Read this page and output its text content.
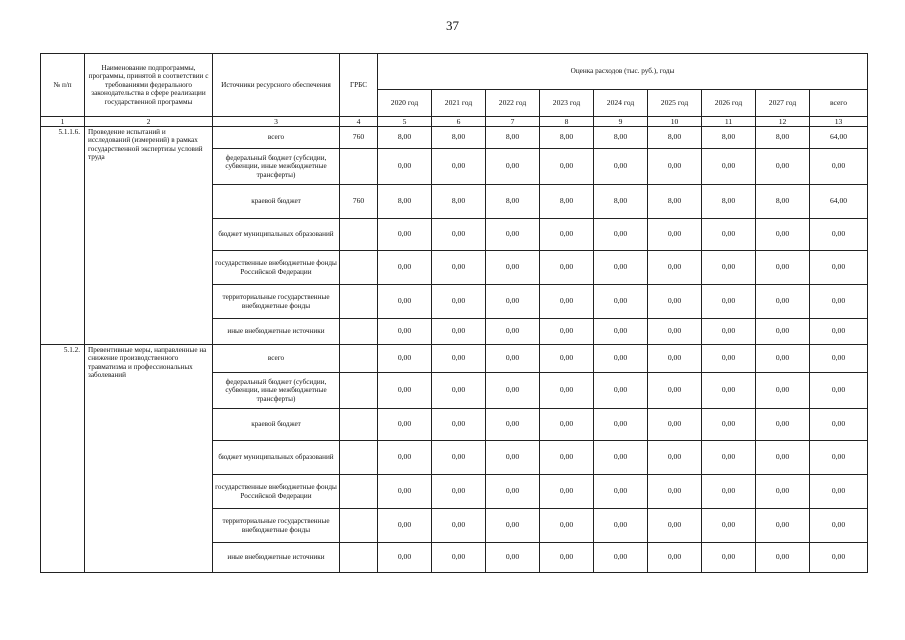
37
№ п/п	Наименование подпрограммы, программы, принятой в соответствии с требованиями федерального законодательства в сфере реализации государственной программы	Источники ресурсного обеспечения	ГРБС	Оценка расходов (тыс. руб.), годы								
				2020 год	2021 год	2022 год	2023 год	2024 год	2025 год	2026 год	2027 год	всего
1	2	3	4	5	6	7	8	9	10	11	12	13
5.1.1.6.	Проведение испытаний и исследований (измерений) в рамках государственной экспертизы условий труда	всего	760	8,00	8,00	8,00	8,00	8,00	8,00	8,00	8,00	64,00
		федеральный бюджет (субсидии, субвенции, иные межбюджетные трансферты)		0,00	0,00	0,00	0,00	0,00	0,00	0,00	0,00	0,00
		краевой бюджет	760	8,00	8,00	8,00	8,00	8,00	8,00	8,00	8,00	64,00
		бюджет муниципальных образований		0,00	0,00	0,00	0,00	0,00	0,00	0,00	0,00	0,00
		государственные внебюджетные фонды Российской Федерации		0,00	0,00	0,00	0,00	0,00	0,00	0,00	0,00	0,00
		территориальные государственные внебюджетные фонды		0,00	0,00	0,00	0,00	0,00	0,00	0,00	0,00	0,00
		иные внебюджетные источники		0,00	0,00	0,00	0,00	0,00	0,00	0,00	0,00	0,00
5.1.2.	Превентивные меры, направленные на снижение производственного травматизма и профессиональных заболеваний	всего		0,00	0,00	0,00	0,00	0,00	0,00	0,00	0,00	0,00
		федеральный бюджет (субсидии, субвенции, иные межбюджетные трансферты)		0,00	0,00	0,00	0,00	0,00	0,00	0,00	0,00	0,00
		краевой бюджет		0,00	0,00	0,00	0,00	0,00	0,00	0,00	0,00	0,00
		бюджет муниципальных образований		0,00	0,00	0,00	0,00	0,00	0,00	0,00	0,00	0,00
		государственные внебюджетные фонды Российской Федерации		0,00	0,00	0,00	0,00	0,00	0,00	0,00	0,00	0,00
		территориальные государственные внебюджетные фонды		0,00	0,00	0,00	0,00	0,00	0,00	0,00	0,00	0,00
		иные внебюджетные источники		0,00	0,00	0,00	0,00	0,00	0,00	0,00	0,00	0,00
